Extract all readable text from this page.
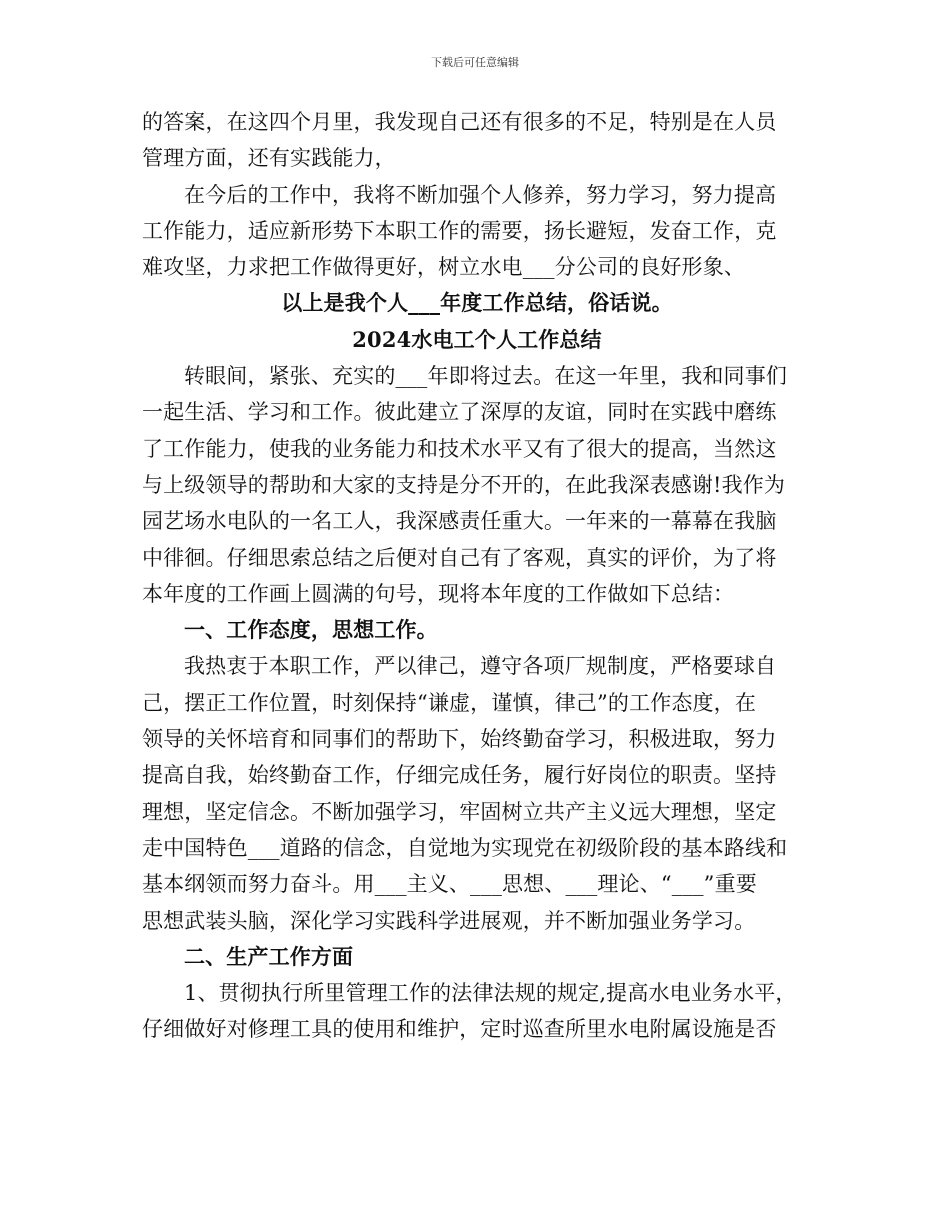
下载后可任意编辑
的答案，在这四个月里，我发现自己还有很多的不足，特别是在人员
管理方面，还有实践能力，
在今后的工作中，我将不断加强个人修养，努力学习，努力提高
工作能力，适应新形势下本职工作的需要，扬长避短，发奋工作，克
难攻坚，力求把工作做得更好，树立水电___分公司的良好形象、
以上是我个人___年度工作总结，俗话说。
2024水电工个人工作总结
转眼间，紧张、充实的___年即将过去。在这一年里，我和同事们
一起生活、学习和工作。彼此建立了深厚的友谊，同时在实践中磨练
了工作能力，使我的业务能力和技术水平又有了很大的提高，当然这
与上级领导的帮助和大家的支持是分不开的，在此我深表感谢!我作为
园艺场水电队的一名工人，我深感责任重大。一年来的一幕幕在我脑
中徘徊。仔细思索总结之后便对自己有了客观，真实的评价，为了将
本年度的工作画上圆满的句号，现将本年度的工作做如下总结：
一、工作态度，思想工作。
我热衷于本职工作，严以律己，遵守各项厂规制度，严格要球自
己，摆正工作位置，时刻保持“谦虚，谨慎，律己”的工作态度，在
领导的关怀培育和同事们的帮助下，始终勤奋学习，积极进取，努力
提高自我，始终勤奋工作，仔细完成任务，履行好岗位的职责。坚持
理想，坚定信念。不断加强学习，牢固树立共产主义远大理想，坚定
走中国特色___道路的信念，自觉地为实现党在初级阶段的基本路线和
基本纲领而努力奋斗。用___主义、___思想、___理论、“___”重要
思想武装头脑，深化学习实践科学进展观，并不断加强业务学习。
二、生产工作方面
1、贯彻执行所里管理工作的法律法规的规定,提高水电业务水平，
仔细做好对修理工具的使用和维护，定时巡查所里水电附属设施是否
